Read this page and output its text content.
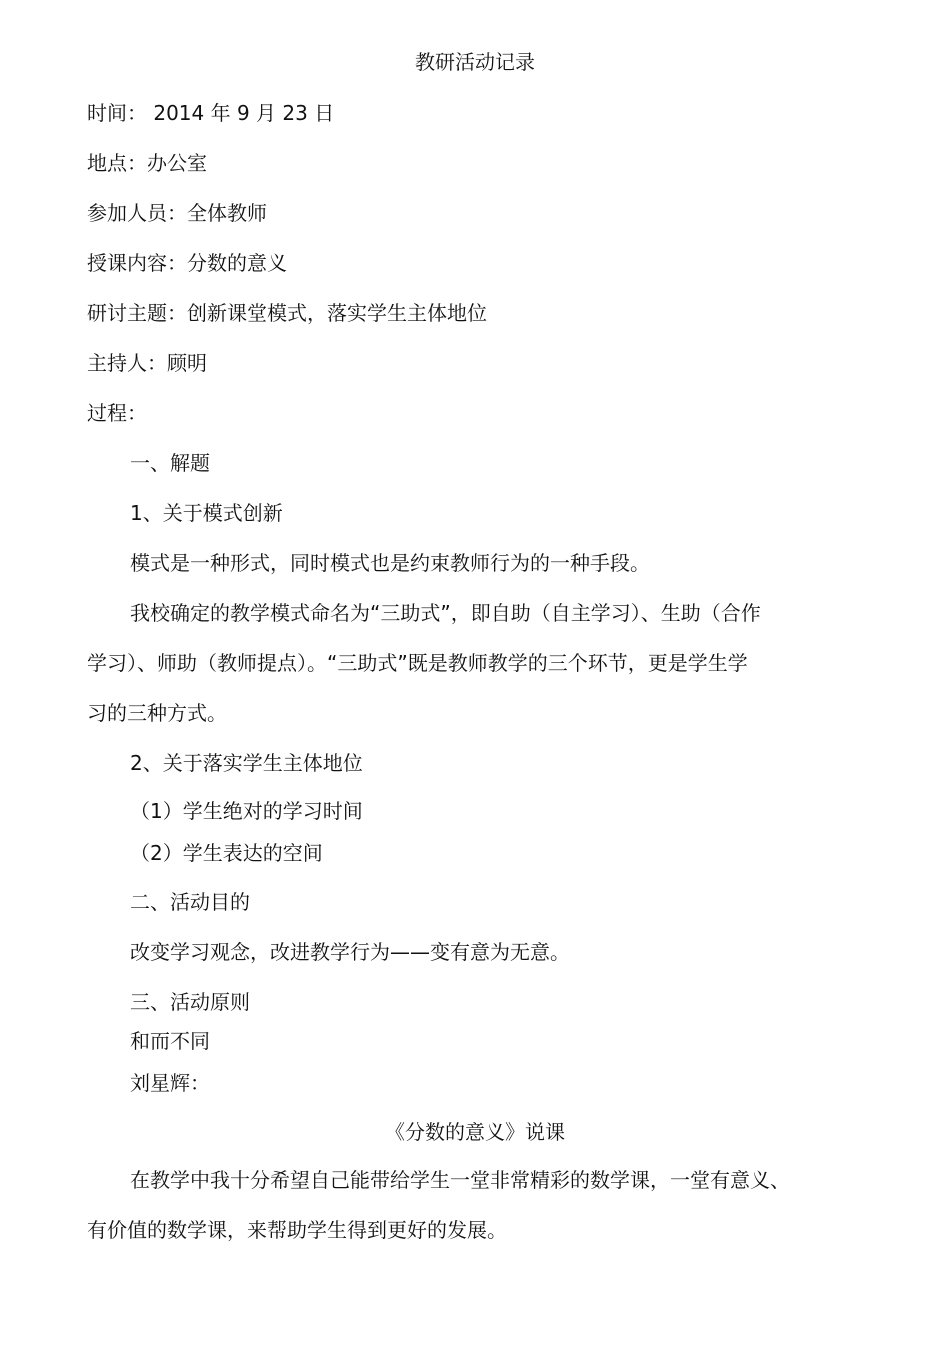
教研活动记录
时间： 2014 年 9 月 23 日
地点：办公室
参加人员：全体教师
授课内容：分数的意义
研讨主题：创新课堂模式，落实学生主体地位
主持人：顾明
过程：
一、解题
1、关于模式创新
模式是一种形式，同时模式也是约束教师行为的一种手段。
我校确定的教学模式命名为“三助式”，即自助（自主学习）、生助（合作
学习）、师助（教师提点）。“三助式”既是教师教学的三个环节，更是学生学
习的三种方式。
2、关于落实学生主体地位
（1）学生绝对的学习时间
（2）学生表达的空间
二、活动目的
改变学习观念，改进教学行为——变有意为无意。
三、活动原则
和而不同
刘星辉：
《分数的意义》说课
在教学中我十分希望自己能带给学生一堂非常精彩的数学课，一堂有意义、
有价值的数学课，来帮助学生得到更好的发展。
